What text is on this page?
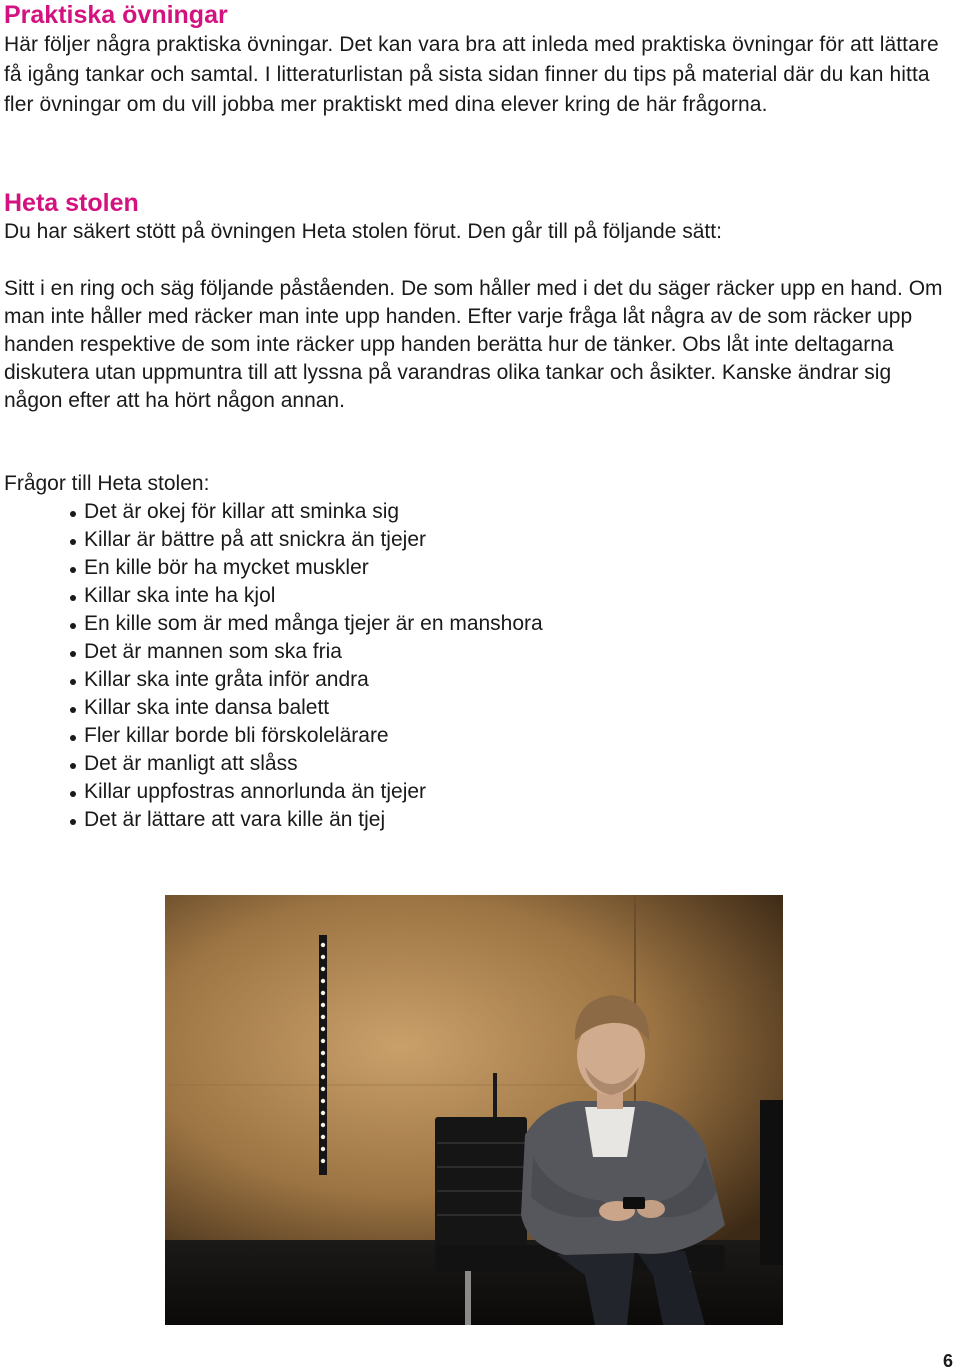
Praktiska övningar

Här följer några praktiska övningar. Det kan vara bra att inleda med praktiska övningar för att lättare få igång tankar och samtal. I litteraturlistan på sista sidan finner du tips på material där du kan hitta fler övningar om du vill jobba mer praktiskt med dina elever kring de här frågorna.

Heta stolen

Du har säkert stött på övningen Heta stolen förut. Den går till på följande sätt:

Sitt i en ring och säg följande påståenden. De som håller med i det du säger räcker upp en hand. Om man inte håller med räcker man inte upp handen. Efter varje fråga låt några av de som räcker upp handen respektive de som inte räcker upp handen berätta hur de tänker. Obs låt inte deltagarna diskutera utan uppmuntra till att lyssna på varandras olika tankar och åsikter. Kanske ändrar sig någon efter att ha hört någon annan.

Frågor till Heta stolen:

Det är okej för killar att sminka sig
Killar är bättre på att snickra än tjejer
En kille bör ha mycket muskler
Killar ska inte ha kjol
En kille som är med många tjejer är en manshora
Det är mannen som ska fria
Killar ska inte gråta inför andra
Killar ska inte dansa balett
Fler killar borde bli förskolelärare
Det är manligt att slåss
Killar uppfostras annorlunda än tjejer
Det är lättare att vara kille än tjej

6
